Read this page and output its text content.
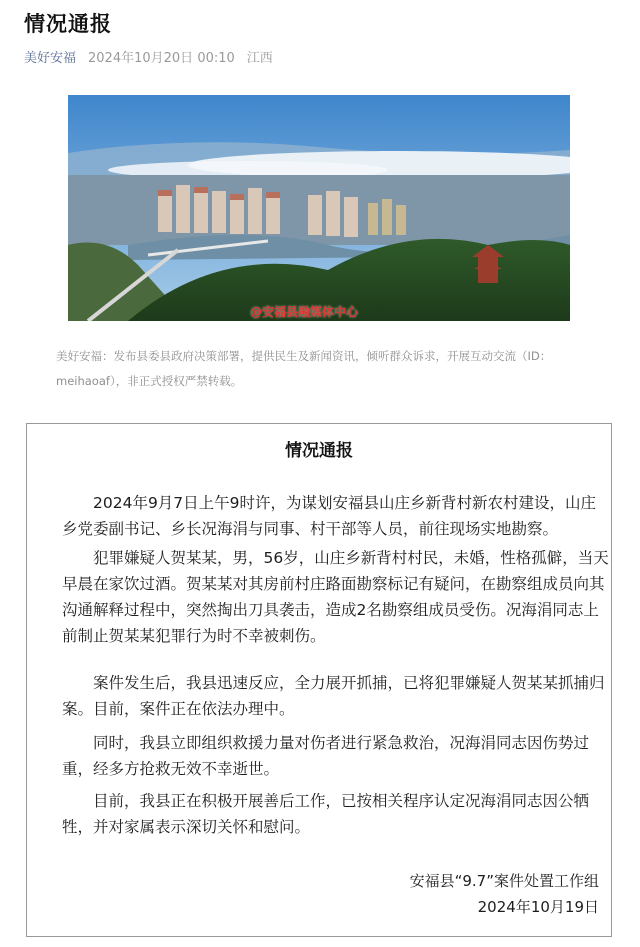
情况通报
美好安福 2024年10月20日 00:10 江西
@安福县融媒体中心
美好安福：发布县委县政府决策部署，提供民生及新闻资讯，倾听群众诉求，开展互动交流（ID：meihaoaf），非正式授权严禁转载。
情况通报

2024年9月7日上午9时许，为谋划安福县山庄乡新背村新农村建设，山庄乡党委副书记、乡长况海涓与同事、村干部等人员，前往现场实地勘察。

犯罪嫌疑人贺某某，男，56岁，山庄乡新背村村民，未婚，性格孤僻，当天早晨在家饮过酒。贺某某对其房前村庄路面勘察标记有疑问，在勘察组成员向其沟通解释过程中，突然掏出刀具袭击，造成2名勘察组成员受伤。况海涓同志上前制止贺某某犯罪行为时不幸被刺伤。

案件发生后，我县迅速反应，全力展开抓捕，已将犯罪嫌疑人贺某某抓捕归案。目前，案件正在依法办理中。

同时，我县立即组织救援力量对伤者进行紧急救治，况海涓同志因伤势过重，经多方抢救无效不幸逝世。

目前，我县正在积极开展善后工作，已按相关程序认定况海涓同志因公牺牲，并对家属表示深切关怀和慰问。

安福县“9.7”案件处置工作组
2024年10月19日
